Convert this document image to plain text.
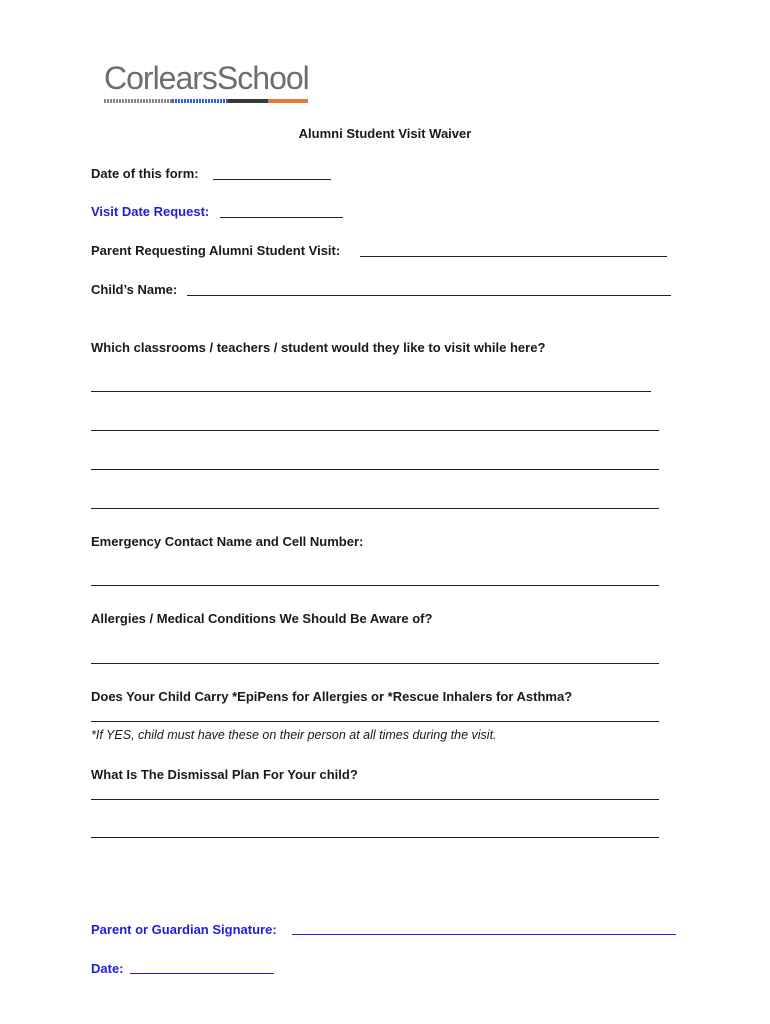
CorlearsSchool
Alumni Student Visit Waiver
Date of this form:
Visit Date Request:
Parent Requesting Alumni Student Visit:
Child’s Name:
Which classrooms / teachers / student would they like to visit while here?
Emergency Contact Name and Cell Number:
Allergies / Medical Conditions We Should Be Aware of?
Does Your Child Carry *EpiPens for Allergies or *Rescue Inhalers for Asthma?
*If YES, child must have these on their person at all times during the visit.
What Is The Dismissal Plan For Your child?
Parent or Guardian Signature:
Date:
